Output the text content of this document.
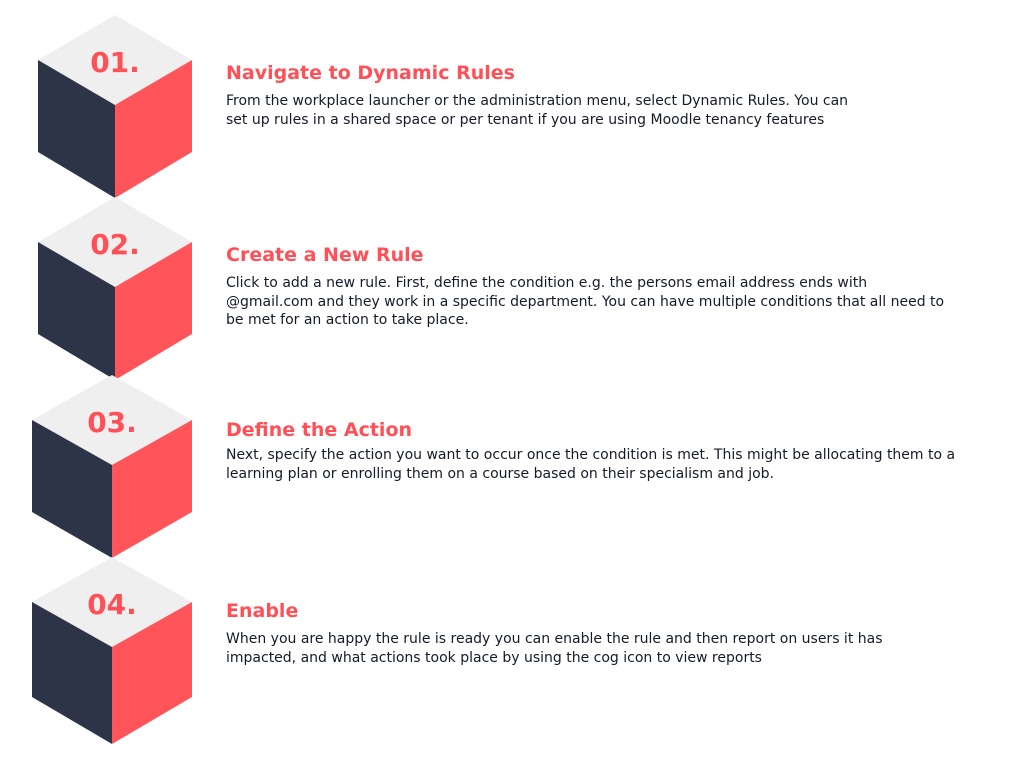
01.	Navigate to Dynamic Rules
From the workplace launcher or the administration menu, select Dynamic Rules. You can set up rules in a shared space or per tenant if you are using Moodle tenancy features
02.	Create a New Rule
Click to add a new rule. First, define the condition e.g. the persons email address ends with @gmail.com and they work in a specific department. You can have multiple conditions that all need to be met for an action to take place.
03.	Define the Action
Next, specify the action you want to occur once the condition is met. This might be allocating them to a learning plan or enrolling them on a course based on their specialism and job.
04.	Enable
When you are happy the rule is ready you can enable the rule and then report on users it has impacted, and what actions took place by using the cog icon to view reports
